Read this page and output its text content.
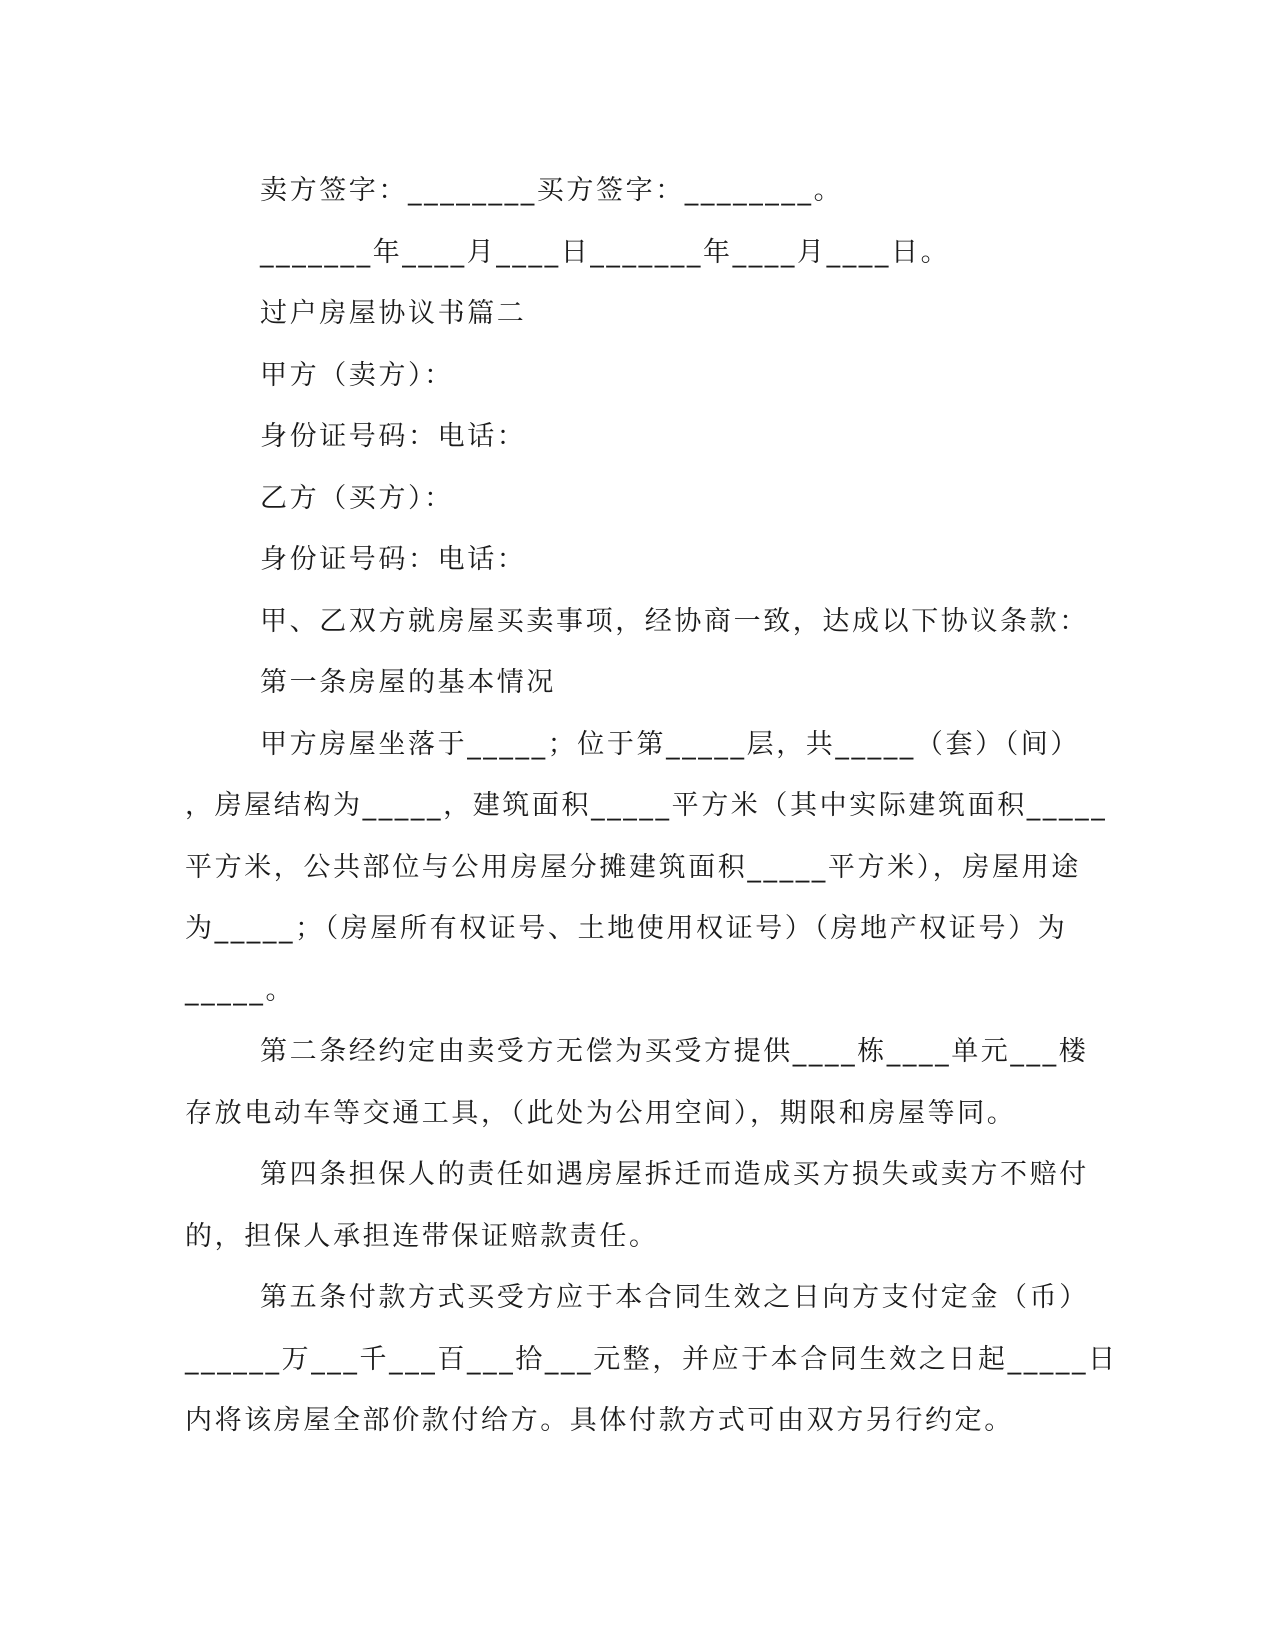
卖方签字：________买方签字：________。

_______年____月____日_______年____月____日。

过户房屋协议书篇二

甲方（卖方）：

身份证号码：电话：

乙方（买方）：

身份证号码：电话：

甲、乙双方就房屋买卖事项，经协商一致，达成以下协议条款：

第一条房屋的基本情况

甲方房屋坐落于_____；位于第_____层，共_____（套）（间）

，房屋结构为_____，建筑面积_____平方米（其中实际建筑面积_____

平方米，公共部位与公用房屋分摊建筑面积_____平方米），房屋用途

为_____；（房屋所有权证号、土地使用权证号）（房地产权证号）为

_____。

第二条经约定由卖受方无偿为买受方提供____栋____单元___楼

存放电动车等交通工具，（此处为公用空间），期限和房屋等同。

第四条担保人的责任如遇房屋拆迁而造成买方损失或卖方不赔付

的，担保人承担连带保证赔款责任。

第五条付款方式买受方应于本合同生效之日向方支付定金（币）

______万___千___百___拾___元整，并应于本合同生效之日起_____日

内将该房屋全部价款付给方。具体付款方式可由双方另行约定。
